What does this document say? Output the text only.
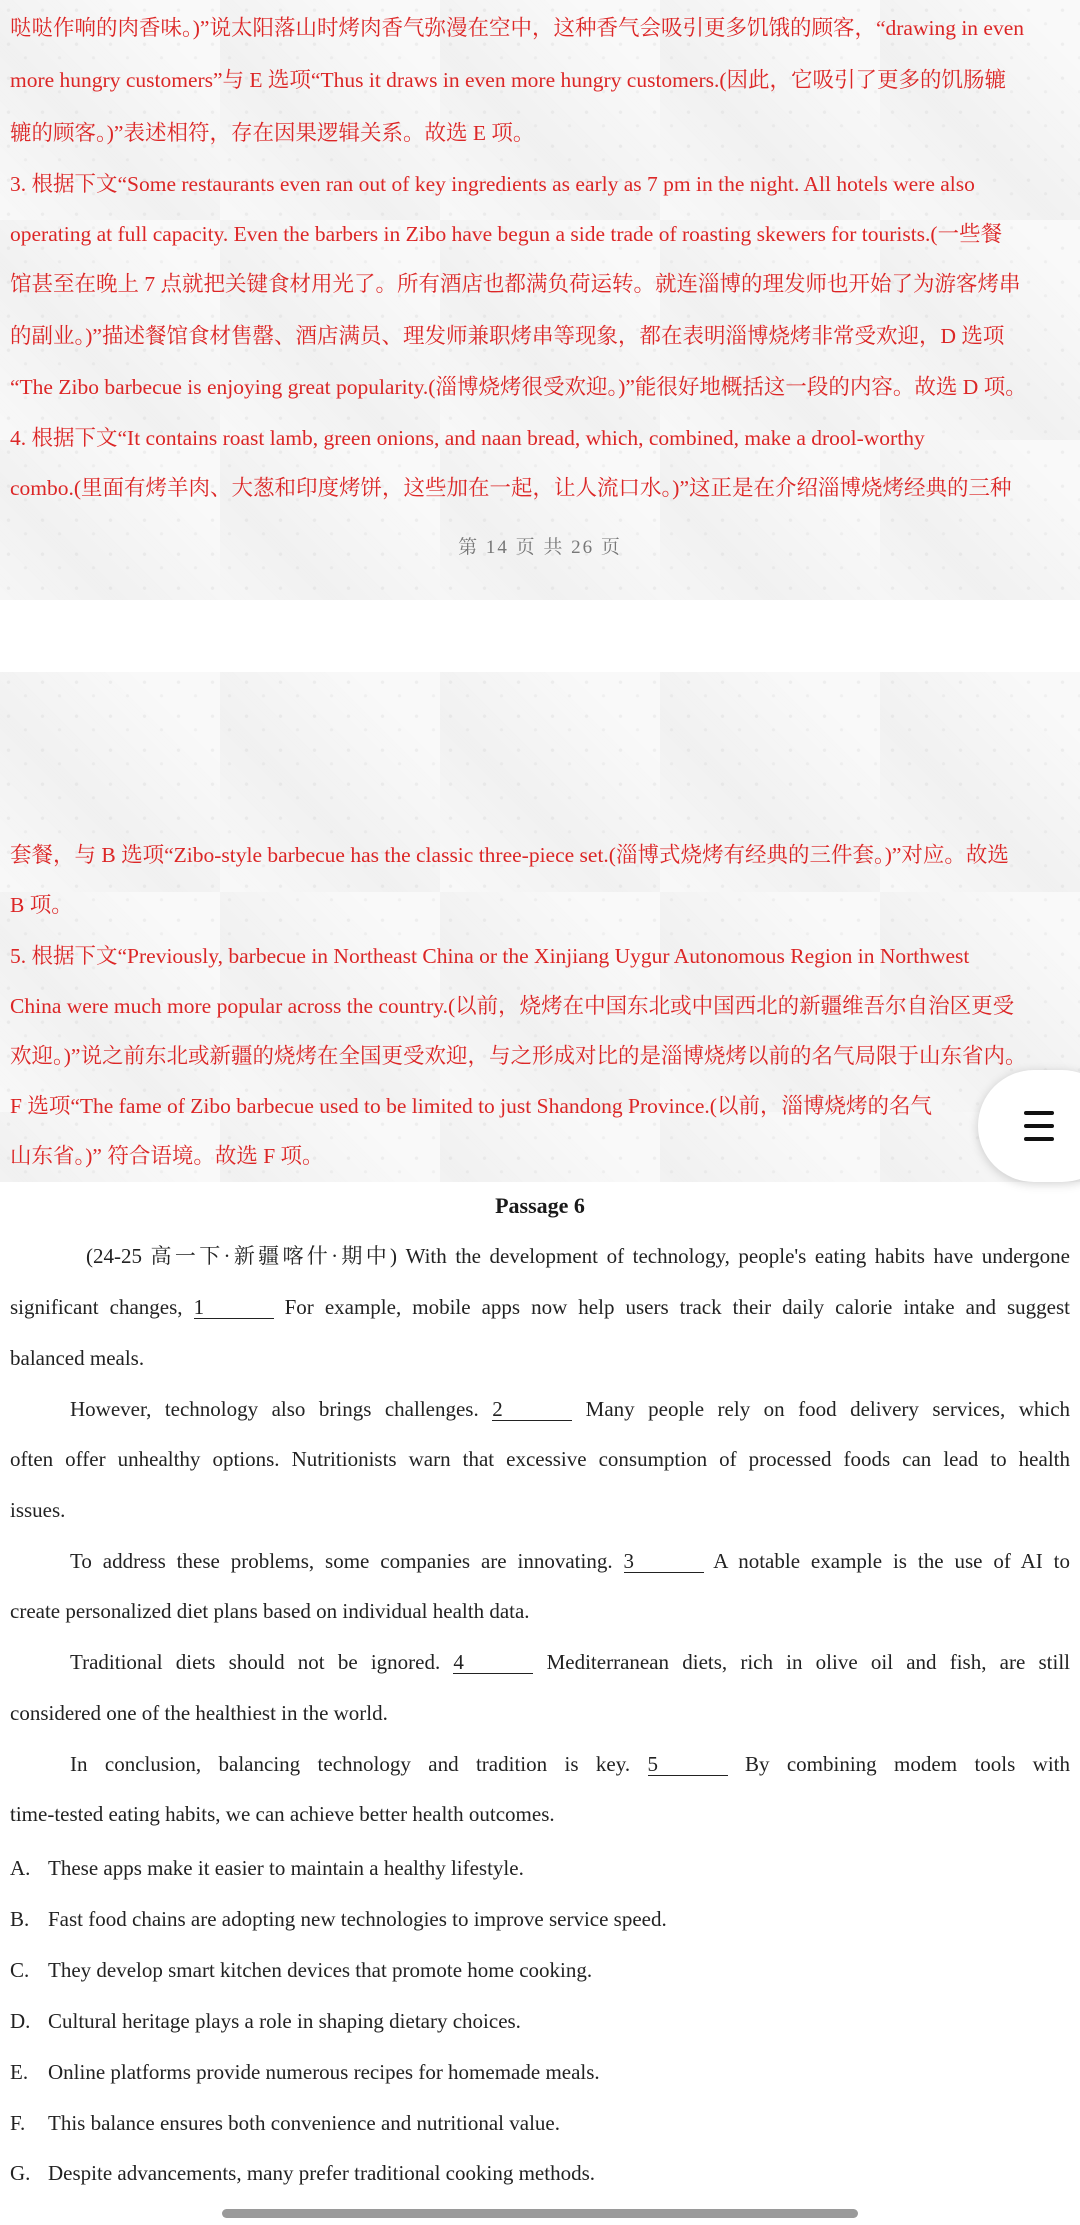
哒哒作响的肉香味。)”说太阳落山时烤肉香气弥漫在空中，这种香气会吸引更多饥饿的顾客，“drawing in even
more hungry customers”与 E 选项“Thus it draws in even more hungry customers.(因此，它吸引了更多的饥肠辘
辘的顾客。)”表述相符，存在因果逻辑关系。故选 E 项。
3. 根据下文“Some restaurants even ran out of key ingredients as early as 7 pm in the night. All hotels were also
operating at full capacity. Even the barbers in Zibo have begun a side trade of roasting skewers for tourists.(一些餐
馆甚至在晚上 7 点就把关键食材用光了。所有酒店也都满负荷运转。就连淄博的理发师也开始了为游客烤串
的副业。)”描述餐馆食材售罄、酒店满员、理发师兼职烤串等现象，都在表明淄博烧烤非常受欢迎，D 选项
“The Zibo barbecue is enjoying great popularity.(淄博烧烤很受欢迎。)”能很好地概括这一段的内容。故选 D 项。
4. 根据下文“It contains roast lamb, green onions, and naan bread, which, combined, make a drool-worthy
combo.(里面有烤羊肉、大葱和印度烤饼，这些加在一起，让人流口水。)”这正是在介绍淄博烧烤经典的三种
第 14 页 共 26 页
套餐，与 B 选项“Zibo-style barbecue has the classic three-piece set.(淄博式烧烤有经典的三件套。)”对应。故选
B 项。
5. 根据下文“Previously, barbecue in Northeast China or the Xinjiang Uygur Autonomous Region in Northwest
China were much more popular across the country.(以前，烧烤在中国东北或中国西北的新疆维吾尔自治区更受
欢迎。)”说之前东北或新疆的烧烤在全国更受欢迎，与之形成对比的是淄博烧烤以前的名气局限于山东省内。
F 选项“The fame of Zibo barbecue used to be limited to just Shandong Province.(以前，淄博烧烤的名气
山东省。)” 符合语境。故选 F 项。
Passage 6
(24-25 高一下·新疆喀什·期中) With the development of technology, people's eating habits have undergone
significant changes, 1	For example, mobile apps now help users track their daily calorie intake and suggest
balanced meals.
However, technology also brings challenges. 2	Many people rely on food delivery services, which
often offer unhealthy options. Nutritionists warn that excessive consumption of processed foods can lead to health
issues.
To address these problems, some companies are innovating. 3	A notable example is the use of AI to
create personalized diet plans based on individual health data.
Traditional diets should not be ignored. 4	Mediterranean diets, rich in olive oil and fish, are still
considered one of the healthiest in the world.
In conclusion, balancing technology and tradition is key. 5	By combining modem tools with
time-tested eating habits, we can achieve better health outcomes.
A. These apps make it easier to maintain a healthy lifestyle.
B. Fast food chains are adopting new technologies to improve service speed.
C. They develop smart kitchen devices that promote home cooking.
D. Cultural heritage plays a role in shaping dietary choices.
E. Online platforms provide numerous recipes for homemade meals.
F. This balance ensures both convenience and nutritional value.
G. Despite advancements, many prefer traditional cooking methods.
